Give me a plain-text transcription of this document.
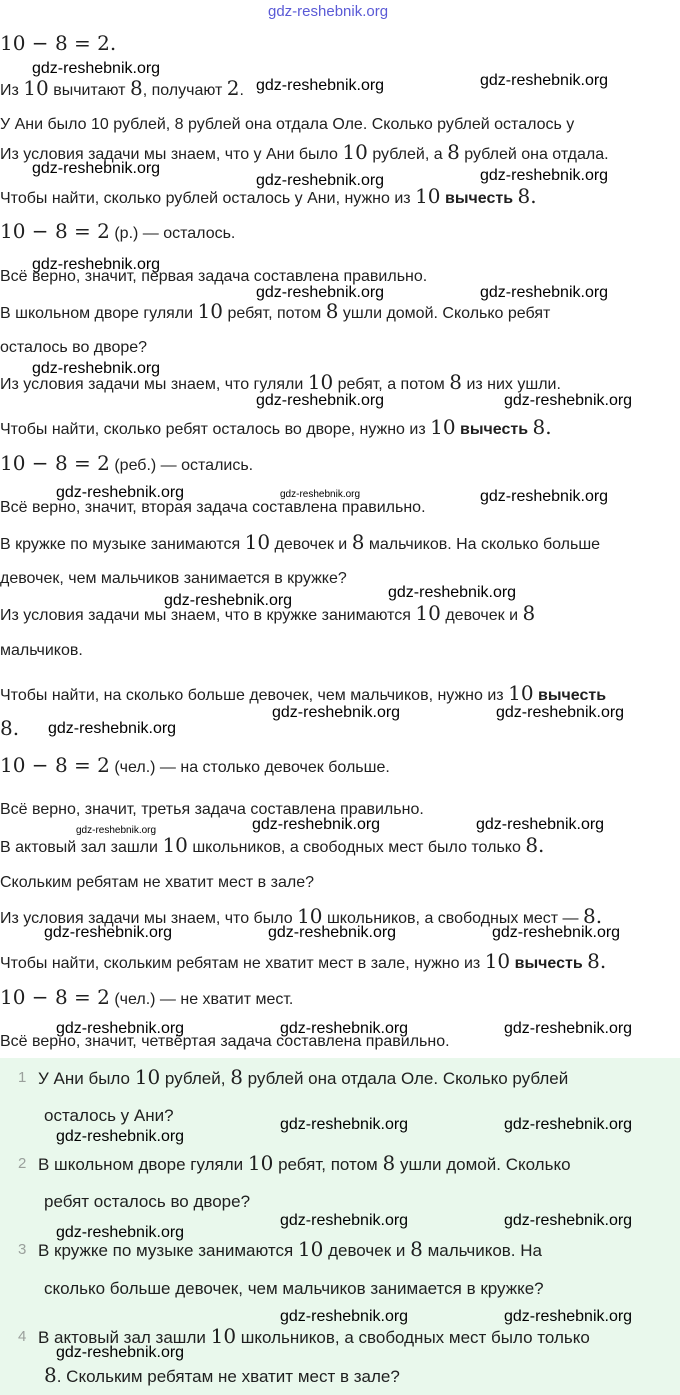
gdz-reshebnik.org
10 − 8 = 2.
Из 10 вычитают 8, получают 2.
У Ани было 10 рублей, 8 рублей она отдала Оле. Сколько рублей осталось у
Из условия задачи мы знаем, что у Ани было 10 рублей, а 8 рублей она отдала.
Чтобы найти, сколько рублей осталось у Ани, нужно из 10 вычесть 8.
10 − 8 = 2 (р.) — осталось.
Всё верно, значит, первая задача составлена правильно.
В школьном дворе гуляли 10 ребят, потом 8 ушли домой. Сколько ребят
осталось во дворе?
Из условия задачи мы знаем, что гуляли 10 ребят, а потом 8 из них ушли.
Чтобы найти, сколько ребят осталось во дворе, нужно из 10 вычесть 8.
10 − 8 = 2 (реб.) — остались.
Всё верно, значит, вторая задача составлена правильно.
В кружке по музыке занимаются 10 девочек и 8 мальчиков. На сколько больше
девочек, чем мальчиков занимается в кружке?
Из условия задачи мы знаем, что в кружке занимаются 10 девочек и 8
мальчиков.
Чтобы найти, на сколько больше девочек, чем мальчиков, нужно из 10 вычесть
8.
10 − 8 = 2 (чел.) — на столько девочек больше.
Всё верно, значит, третья задача составлена правильно.
В актовый зал зашли 10 школьников, а свободных мест было только 8.
Скольким ребятам не хватит мест в зале?
Из условия задачи мы знаем, что было 10 школьников, а свободных мест — 8.
Чтобы найти, скольким ребятам не хватит мест в зале, нужно из 10 вычесть 8.
10 − 8 = 2 (чел.) — не хватит мест.
Всё верно, значит, четвёртая задача составлена правильно.
1 У Ани было 10 рублей, 8 рублей она отдала Оле. Сколько рублей
осталось у Ани?
2 В школьном дворе гуляли 10 ребят, потом 8 ушли домой. Сколько
ребят осталось во дворе?
3 В кружке по музыке занимаются 10 девочек и 8 мальчиков. На
сколько больше девочек, чем мальчиков занимается в кружке?
4 В актовый зал зашли 10 школьников, а свободных мест было только
8. Скольким ребятам не хватит мест в зале?
gdz-reshebnik.org
gdz-reshebnik.org	gdz-reshebnik.org
gdz-reshebnik.org
gdz-reshebnik.org	gdz-reshebnik.org
gdz-reshebnik.org
gdz-reshebnik.org	gdz-reshebnik.org
gdz-reshebnik.org
gdz-reshebnik.org	gdz-reshebnik.org
gdz-reshebnik.org	gdz-reshebnik.org	gdz-reshebnik.org
gdz-reshebnik.org
gdz-reshebnik.org
gdz-reshebnik.org
gdz-reshebnik.org	gdz-reshebnik.org
gdz-reshebnik.org	gdz-reshebnik.org	gdz-reshebnik.org
gdz-reshebnik.org	gdz-reshebnik.org	gdz-reshebnik.org
gdz-reshebnik.org	gdz-reshebnik.org	gdz-reshebnik.org
gdz-reshebnik.org
gdz-reshebnik.org	gdz-reshebnik.org
gdz-reshebnik.org
gdz-reshebnik.org	gdz-reshebnik.org
gdz-reshebnik.org
gdz-reshebnik.org	gdz-reshebnik.org
